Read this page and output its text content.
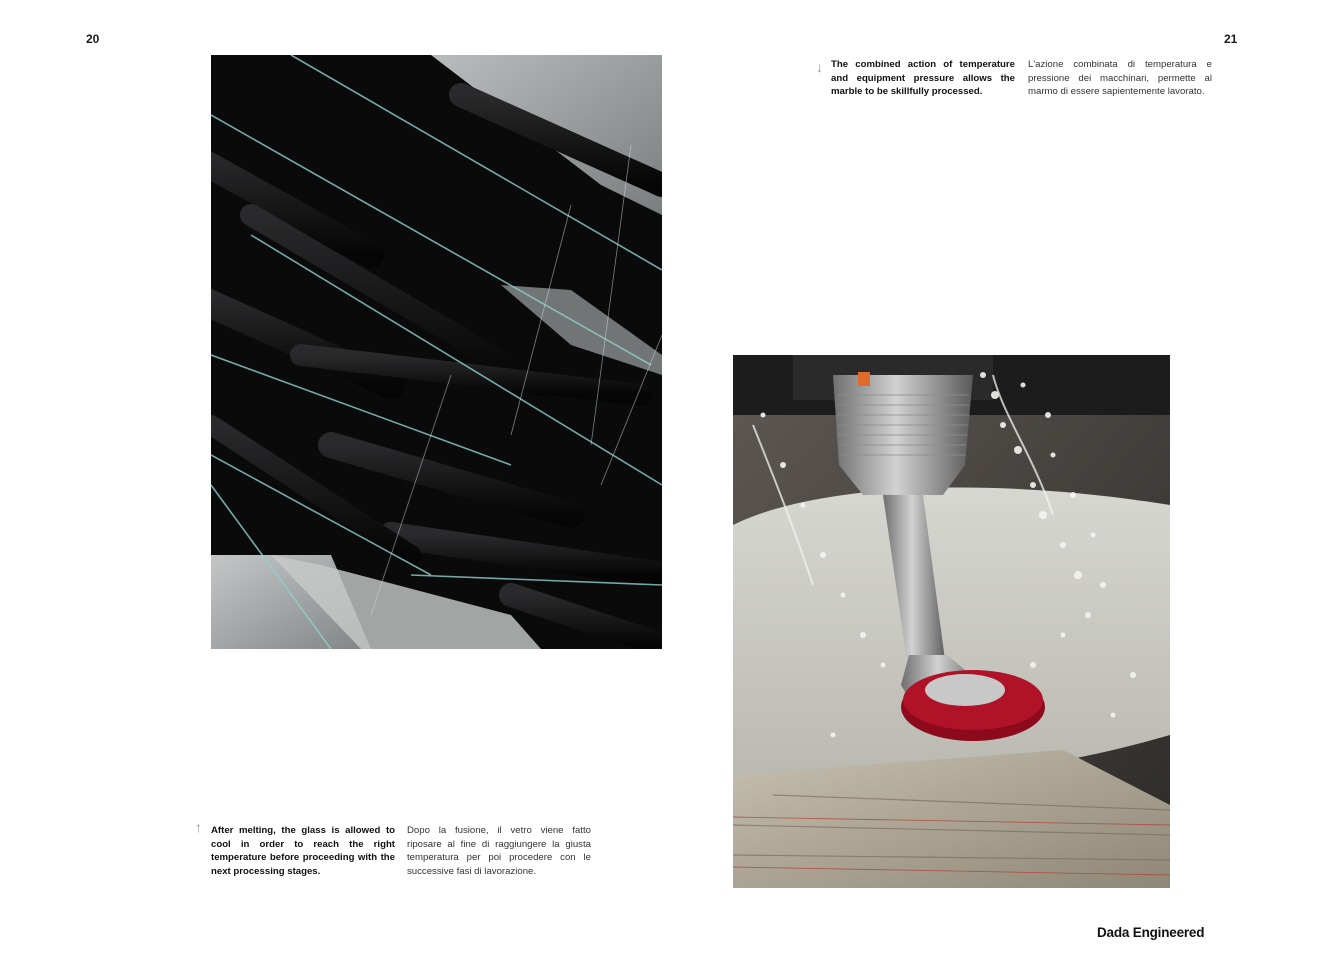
20	21
↓ The combined action of temperature and equipment pressure allows the marble to be skillfully processed.
L'azione combinata di temperatura e pressione dei macchinari, permette al marmo di essere sapientemente lavorato.
↑ After melting, the glass is allowed to cool in order to reach the right temperature before proceeding with the next processing stages.
Dopo la fusione, il vetro viene fatto riposare al fine di raggiungere la giusta temperatura per poi procedere con le successive fasi di lavorazione.
Dada Engineered
